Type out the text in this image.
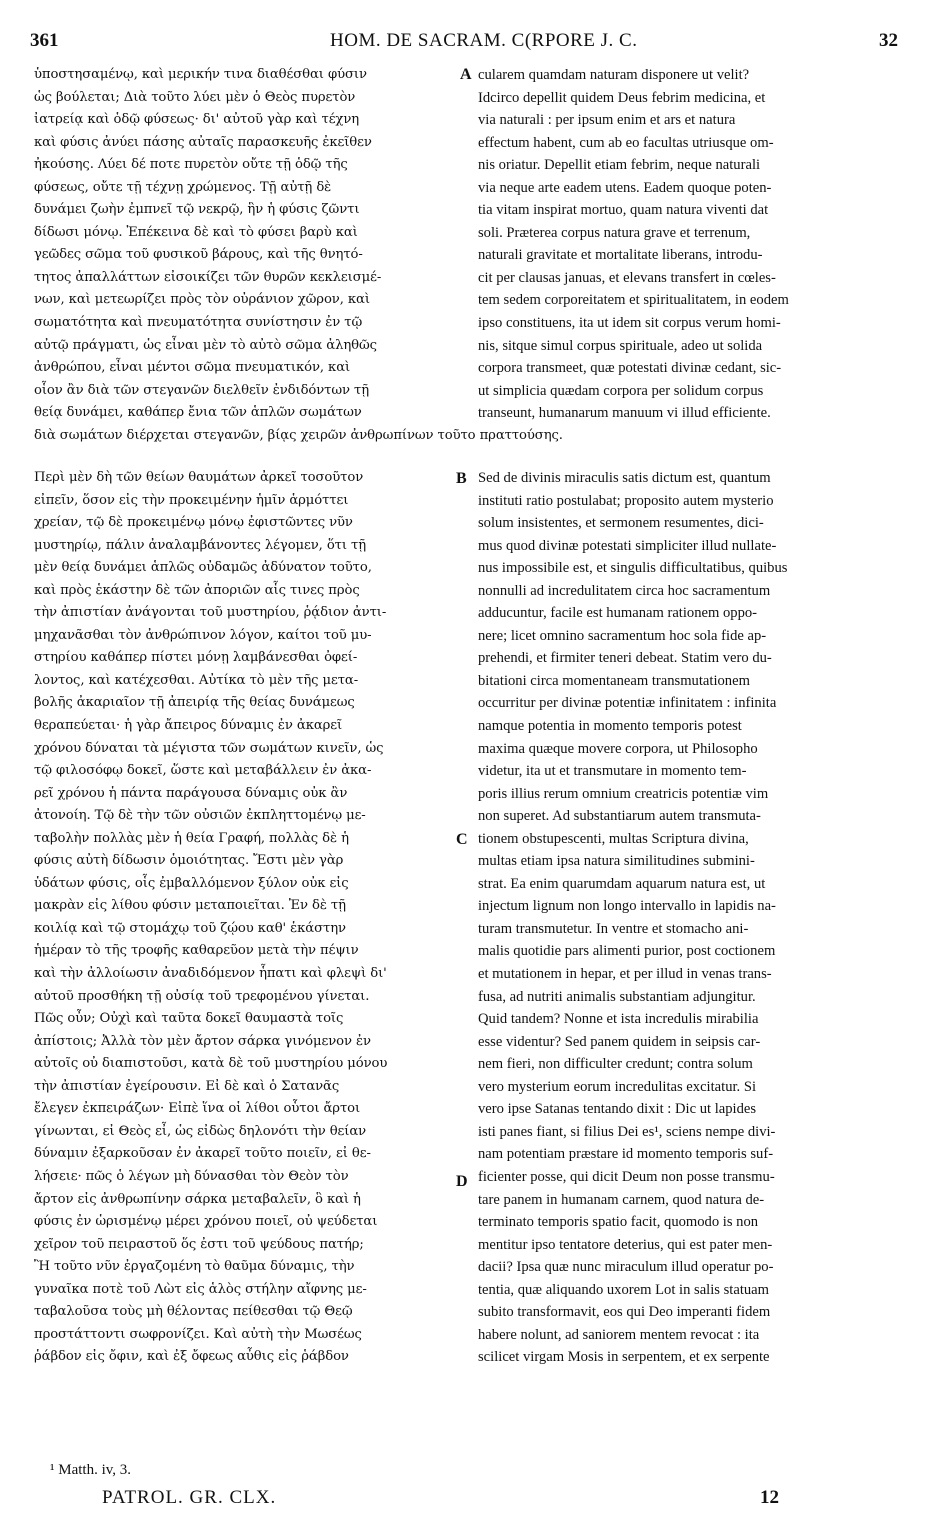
361	HOM. DE SACRAM. C(RPORE J. C.	3⁠2
ὑποστησαμένῳ, καὶ μερικήν τινα διαθέσθαι φύσιν
ὡς βούλεται; Διὰ τοῦτο λύει μὲν ὁ Θεὸς πυρετὸν
ἰατρείᾳ καὶ ὁδῷ φύσεως· δι' αὐτοῦ γὰρ καὶ τέχνη
καὶ φύσις ἀνύει πάσης αὐταῖς παρασκευῆς ἐκεῖθεν
ἠκούσης. Λύει δέ ποτε πυρετὸν οὔτε τῇ ὁδῷ τῆς
φύσεως, οὔτε τῇ τέχνῃ χρώμενος. Τῇ αὐτῇ δὲ
δυνάμει ζωὴν ἐμπνεῖ τῷ νεκρῷ, ἣν ἡ φύσις ζῶντι
δίδωσι μόνῳ. Ἐπέκεινα δὲ καὶ τὸ φύσει βαρὺ καὶ
γεῶδες σῶμα τοῦ φυσικοῦ βάρους, καὶ τῆς θνητό-
τητος ἀπαλλάττων εἰσοικίζει τῶν θυρῶν κεκλεισμέ-
νων, καὶ μετεωρίζει πρὸς τὸν οὐράνιον χῶρον, καὶ
σωματότητα καὶ πνευματότητα συνίστησιν ἐν τῷ
αὐτῷ πράγματι, ὡς εἶναι μὲν τὸ αὐτὸ σῶμα ἀληθῶς
ἀνθρώπου, εἶναι μέντοι σῶμα πνευματικόν, καὶ
οἷον ἂν διὰ τῶν στεγανῶν διελθεῖν ἐνδιδόντων τῇ
θείᾳ δυνάμει, καθάπερ ἔνια τῶν ἁπλῶν σωμάτων
διὰ σωμάτων διέρχεται στεγανῶν, βίᾳς χειρῶν ἀνθρωπίνων τοῦτο πραττούσης.
cularem quamdam naturam disponere ut velit?
Idcirco depellit quidem Deus febrim medicina, et
via naturali : per ipsum enim et ars et natura
effectum habent, cum ab eo facultas utriusque om-
nis oriatur. Depellit etiam febrim, neque naturali
via neque arte eadem utens. Eadem quoque poten-
tia vitam inspirat mortuo, quam natura viventi dat
soli. Præterea corpus natura grave et terrenum,
naturali gravitate et mortalitate liberans, introdu-
cit per clausas januas, et elevans transfert in cœles-
tem sedem corporeitatem et spiritualitatem, in eodem
ipso constituens, ita ut idem sit corpus verum homi-
nis, sitque simul corpus spirituale, adeo ut solida
corpora transmeet, quæ potestati divinæ cedant, sic-
ut simplicia quædam corpora per solidum corpus
transeunt, humanarum manuum vi illud efficiente.
Περὶ μὲν δὴ τῶν θείων θαυμάτων ἀρκεῖ τοσοῦτον
εἰπεῖν, ὅσον εἰς τὴν προκειμένην ἡμῖν ἁρμόττει
χρείαν, τῷ δὲ προκειμένῳ μόνῳ ἐφιστῶντες νῦν
μυστηρίῳ, πάλιν ἀναλαμβάνοντες λέγομεν, ὅτι τῇ
μὲν θείᾳ δυνάμει ἁπλῶς οὐδαμῶς ἀδύνατον τοῦτο,
καὶ πρὸς ἑκάστην δὲ τῶν ἀποριῶν αἷς τινες πρὸς
τὴν ἀπιστίαν ἀνάγονται τοῦ μυστηρίου, ῥᾴδιον ἀντι-
μηχανᾶσθαι τὸν ἀνθρώπινον λόγον, καίτοι τοῦ μυ-
στηρίου καθάπερ πίστει μόνῃ λαμβάνεσθαι ὀφεί-
λοντος, καὶ κατέχεσθαι. Αὐτίκα τὸ μὲν τῆς μετα-
βολῆς ἀκαριαῖον τῇ ἀπειρίᾳ τῆς θείας δυνάμεως
θεραπεύεται· ἡ γὰρ ἄπειρος δύναμις ἐν ἀκαρεῖ
χρόνου δύναται τὰ μέγιστα τῶν σωμάτων κινεῖν, ὡς
τῷ φιλοσόφῳ δοκεῖ, ὥστε καὶ μεταβάλλειν ἐν ἀκα-
ρεῖ χρόνου ἡ πάντα παράγουσα δύναμις οὐκ ἂν
ἀτονοίη. Τῷ δὲ τὴν τῶν οὐσιῶν ἐκπληττομένῳ με-
ταβολὴν πολλὰς μὲν ἡ θεία Γραφή, πολλὰς δὲ ἡ
φύσις αὐτὴ δίδωσιν ὁμοιότητας. Ἔστι μὲν γὰρ
ὑδάτων φύσις, οἷς ἐμβαλλόμενον ξύλον οὐκ εἰς
μακρὰν εἰς λίθου φύσιν μεταποιεῖται. Ἐν δὲ τῇ
κοιλίᾳ καὶ τῷ στομάχῳ τοῦ ζῴου καθ' ἑκάστην
ἡμέραν τὸ τῆς τροφῆς καθαρεῦον μετὰ τὴν πέψιν
καὶ τὴν ἀλλοίωσιν ἀναδιδόμενον ἧπατι καὶ φλεψὶ δι'
αὐτοῦ προσθήκη τῇ οὐσίᾳ τοῦ τρεφομένου γίνεται.
Πῶς οὖν; Οὐχὶ καὶ ταῦτα δοκεῖ θαυμαστὰ τοῖς
ἀπίστοις; Ἀλλὰ τὸν μὲν ἄρτον σάρκα γινόμενον ἐν
αὐτοῖς οὐ διαπιστοῦσι, κατὰ δὲ τοῦ μυστηρίου μόνου
τὴν ἀπιστίαν ἐγείρουσιν. Εἰ δὲ καὶ ὁ Σατανᾶς
ἔλεγεν ἐκπειράζων· Εἰπὲ ἵνα οἱ λίθοι οὗτοι ἄρτοι
γίνωνται, εἰ Θεὸς εἶ, ὡς εἰδὼς δηλονότι τὴν θείαν
δύναμιν ἐξαρκοῦσαν ἐν ἀκαρεῖ τοῦτο ποιεῖν, εἰ θε-
λήσειε· πῶς ὁ λέγων μὴ δύνασθαι τὸν Θεὸν τὸν
ἄρτον εἰς ἀνθρωπίνην σάρκα μεταβαλεῖν, ὃ καὶ ἡ
φύσις ἐν ὡρισμένῳ μέρει χρόνου ποιεῖ, οὐ ψεύδεται
χεῖρον τοῦ πειραστοῦ ὅς ἐστι τοῦ ψεύδους πατήρ;
Ἢ τοῦτο νῦν ἐργαζομένη τὸ θαῦμα δύναμις, τὴν
γυναῖκα ποτὲ τοῦ Λὼτ εἰς ἁλὸς στήλην αἴφνης με-
ταβαλοῦσα τοὺς μὴ θέλοντας πείθεσθαι τῷ Θεῷ
προστάττοντι σωφρονίζει. Καὶ αὐτὴ τὴν Μωσέως
ῥάβδον εἰς ὄφιν, καὶ ἐξ ὄφεως αὖθις εἰς ῥάβδον
Sed de divinis miraculis satis dictum est, quantum
instituti ratio postulabat; proposito autem mysterio
solum insistentes, et sermonem resumentes, dici-
mus quod divinæ potestati simpliciter illud nullate-
nus impossibile est, et singulis difficultatibus, quibus
nonnulli ad incredulitatem circa hoc sacramentum
adducuntur, facile est humanam rationem oppo-
nere; licet omnino sacramentum hoc sola fide ap-
prehendi, et firmiter teneri debeat. Statim vero du-
bitationi circa momentaneam transmutationem
occurritur per divinæ potentiæ infinitatem : infinita
namque potentia in momento temporis potest
maxima quæque movere corpora, ut Philosopho
videtur, ita ut et transmutare in momento tem-
poris illius rerum omnium creatricis potentiæ vim
non superet. Ad substantiarum autem transmuta-
tionem obstupescenti, multas Scriptura divina,
multas etiam ipsa natura similitudines submini-
strat. Ea enim quarumdam aquarum natura est, ut
injectum lignum non longo intervallo in lapidis na-
turam transmutetur. In ventre et stomacho ani-
malis quotidie pars alimenti purior, post coctionem
et mutationem in hepar, et per illud in venas trans-
fusa, ad nutriti animalis substantiam adjungitur.
Quid tandem? Nonne et ista incredulis mirabilia
esse videntur? Sed panem quidem in seipsis car-
nem fieri, non difficulter credunt; contra solum
vero mysterium eorum incredulitas excitatur. Si
vero ipse Satanas tentando dixit : Dic ut lapides
isti panes fiant, si filius Dei es¹, sciens nempe divi-
nam potentiam præstare id momento temporis suf-
ficienter posse, qui dicit Deum non posse transmu-
tare panem in humanam carnem, quod natura de-
terminato temporis spatio facit, quomodo is non
mentitur ipso tentatore deterius, qui est pater men-
dacii? Ipsa quæ nunc miraculum illud operatur po-
tentia, quæ aliquando uxorem Lot in salis statuam
subito transformavit, eos qui Deo imperanti fidem
habere nolunt, ad saniorem mentem revocat : ita
scilicet virgam Mosis in serpentem, et ex serpente
A
B
C
D
¹ Matth. iv, 3.
PATROL. GR. CLX.	12
